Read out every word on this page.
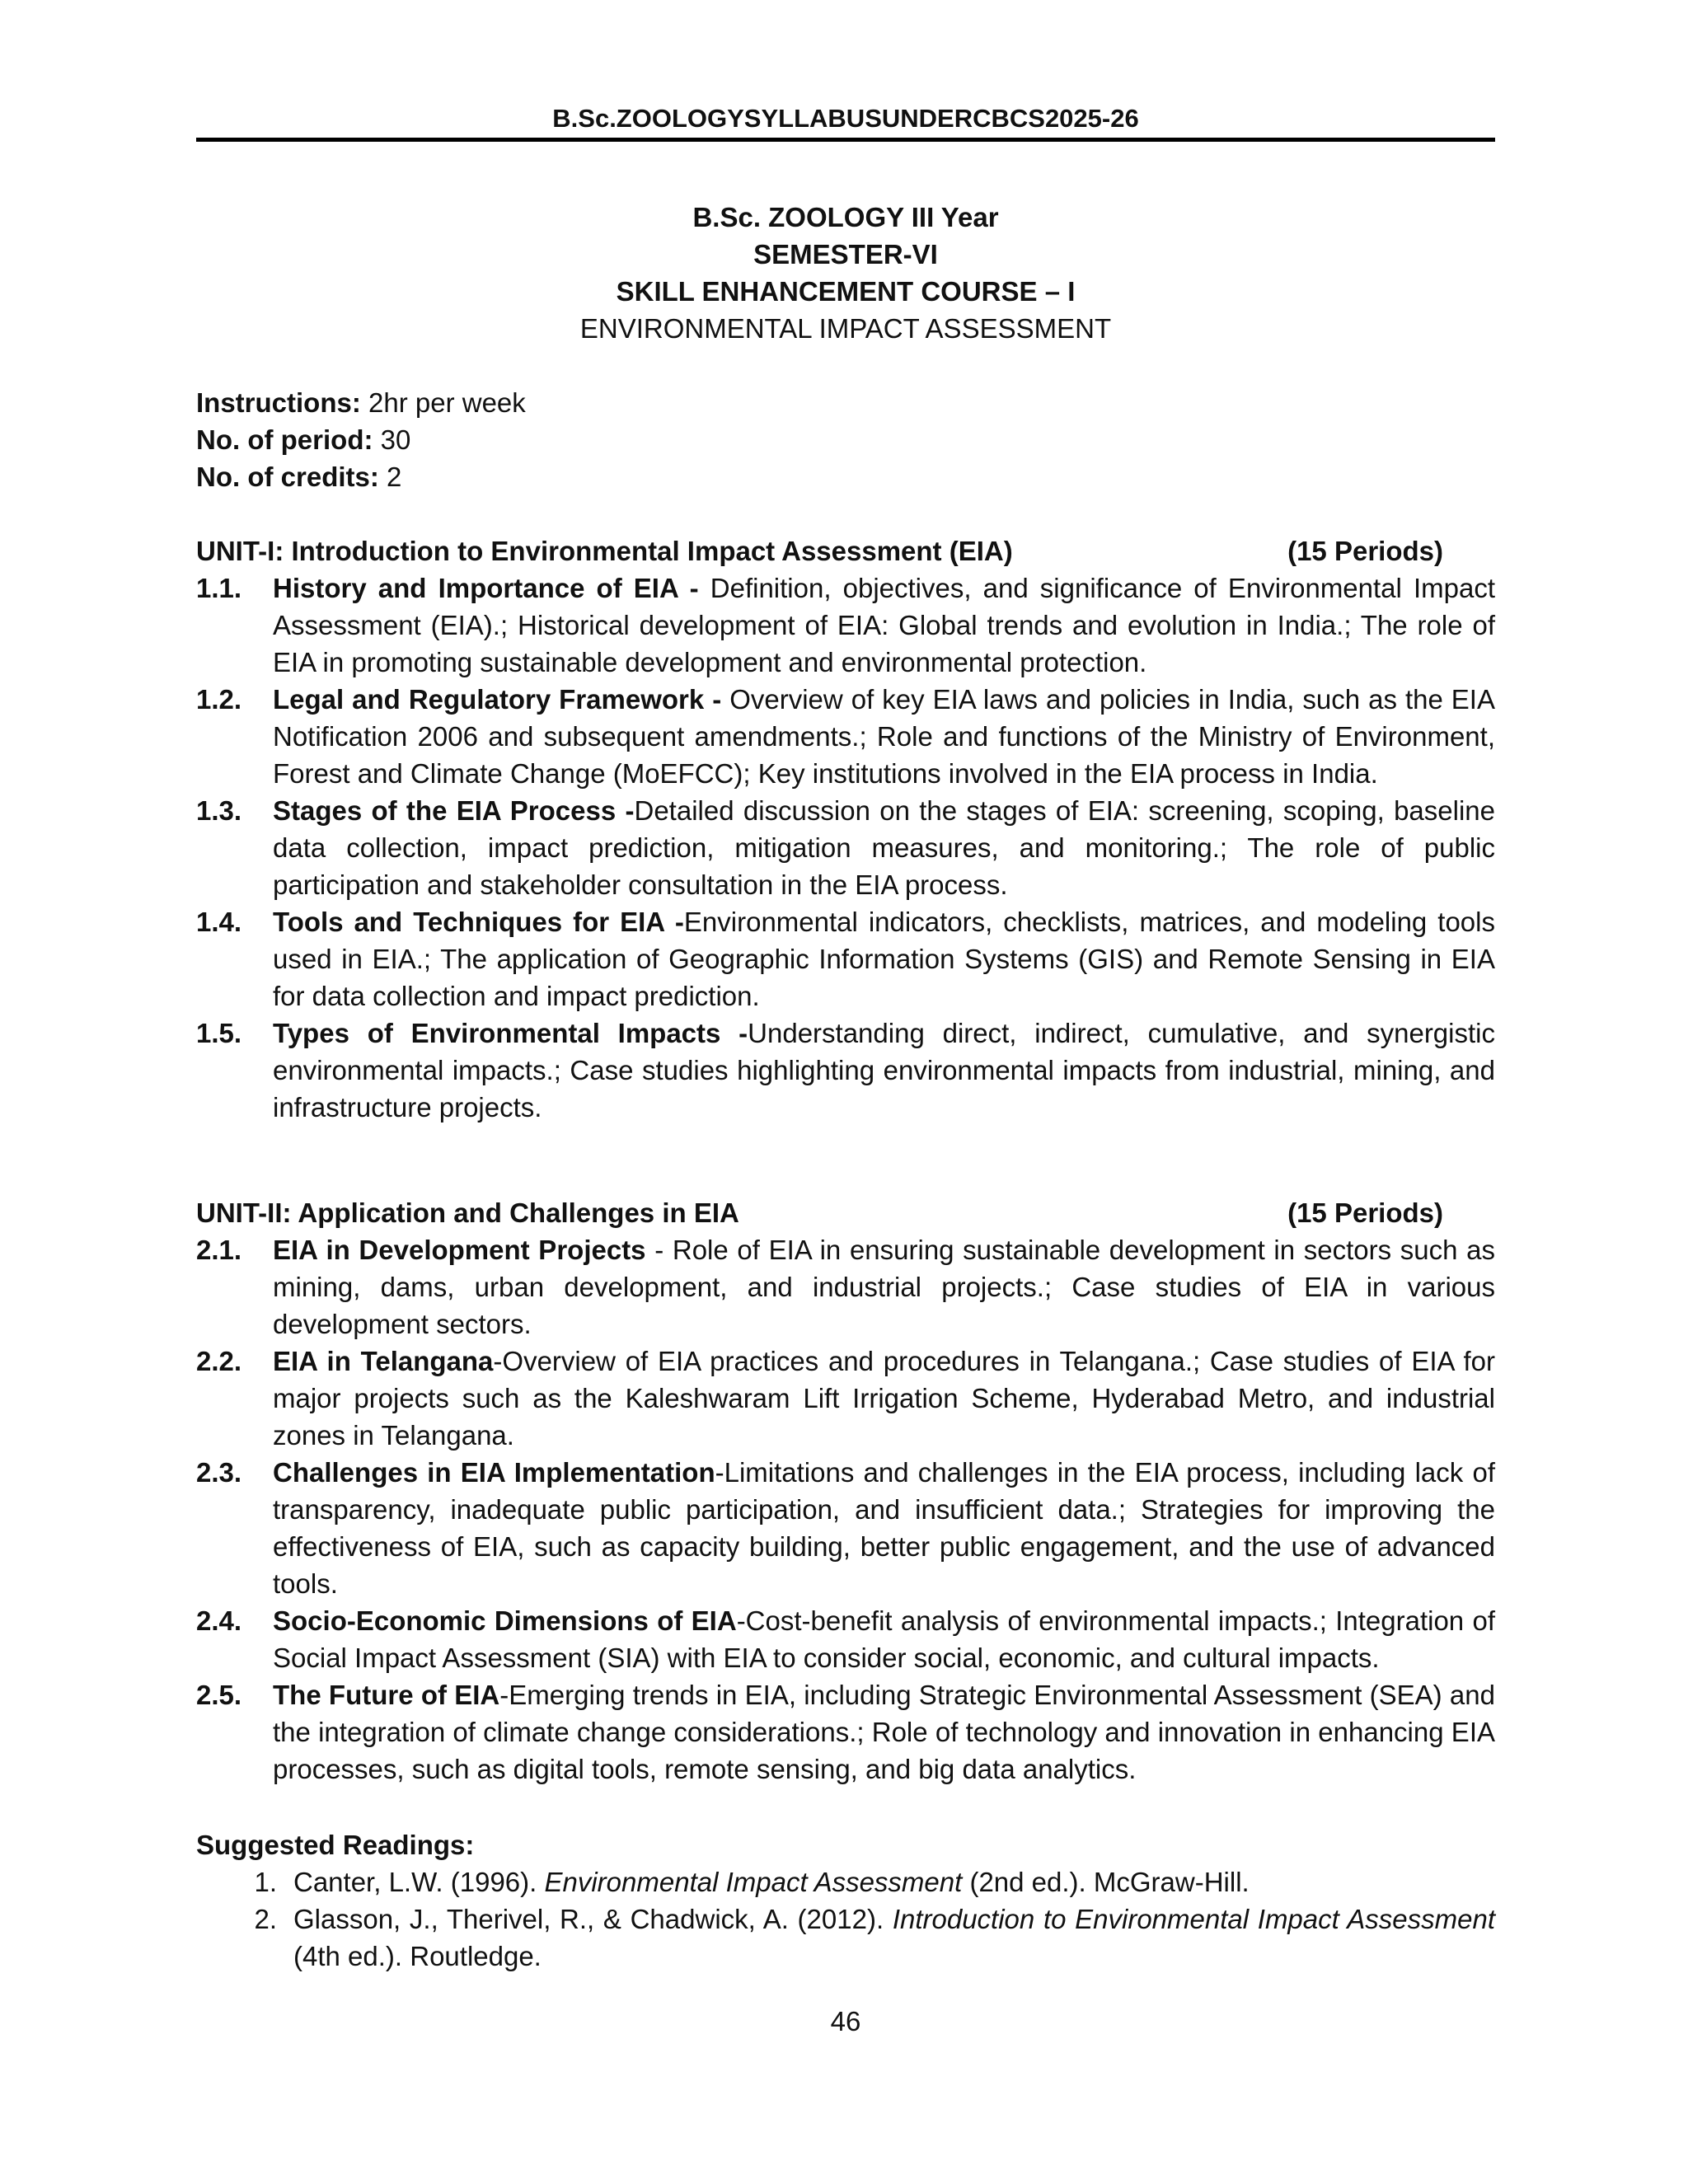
B.Sc.ZOOLOGYSYLLABUSUNDERCBCS2025-26
B.Sc. ZOOLOGY III Year
SEMESTER-VI
SKILL ENHANCEMENT COURSE – I
ENVIRONMENTAL IMPACT ASSESSMENT
Instructions: 2hr per week
No. of period: 30
No. of credits: 2
UNIT-I: Introduction to Environmental Impact Assessment (EIA)	(15 Periods)
1.1.	History and Importance of EIA - Definition, objectives, and significance of Environmental Impact Assessment (EIA).; Historical development of EIA: Global trends and evolution in India.; The role of EIA in promoting sustainable development and environmental protection.
1.2.	Legal and Regulatory Framework - Overview of key EIA laws and policies in India, such as the EIA Notification 2006 and subsequent amendments.; Role and functions of the Ministry of Environment, Forest and Climate Change (MoEFCC); Key institutions involved in the EIA process in India.
1.3.	Stages of the EIA Process -Detailed discussion on the stages of EIA: screening, scoping, baseline data collection, impact prediction, mitigation measures, and monitoring.; The role of public participation and stakeholder consultation in the EIA process.
1.4.	Tools and Techniques for EIA -Environmental indicators, checklists, matrices, and modeling tools used in EIA.; The application of Geographic Information Systems (GIS) and Remote Sensing in EIA for data collection and impact prediction.
1.5.	Types of Environmental Impacts -Understanding direct, indirect, cumulative, and synergistic environmental impacts.; Case studies highlighting environmental impacts from industrial, mining, and infrastructure projects.
UNIT-II: Application and Challenges in EIA	(15 Periods)
2.1.	EIA in Development Projects - Role of EIA in ensuring sustainable development in sectors such as mining, dams, urban development, and industrial projects.; Case studies of EIA in various development sectors.
2.2.	EIA in Telangana-Overview of EIA practices and procedures in Telangana.; Case studies of EIA for major projects such as the Kaleshwaram Lift Irrigation Scheme, Hyderabad Metro, and industrial zones in Telangana.
2.3.	Challenges in EIA Implementation-Limitations and challenges in the EIA process, including lack of transparency, inadequate public participation, and insufficient data.; Strategies for improving the effectiveness of EIA, such as capacity building, better public engagement, and the use of advanced tools.
2.4.	Socio-Economic Dimensions of EIA-Cost-benefit analysis of environmental impacts.; Integration of Social Impact Assessment (SIA) with EIA to consider social, economic, and cultural impacts.
2.5.	The Future of EIA-Emerging trends in EIA, including Strategic Environmental Assessment (SEA) and the integration of climate change considerations.; Role of technology and innovation in enhancing EIA processes, such as digital tools, remote sensing, and big data analytics.
Suggested Readings:
1. Canter, L.W. (1996). Environmental Impact Assessment (2nd ed.). McGraw-Hill.
2. Glasson, J., Therivel, R., & Chadwick, A. (2012). Introduction to Environmental Impact Assessment (4th ed.). Routledge.
46
